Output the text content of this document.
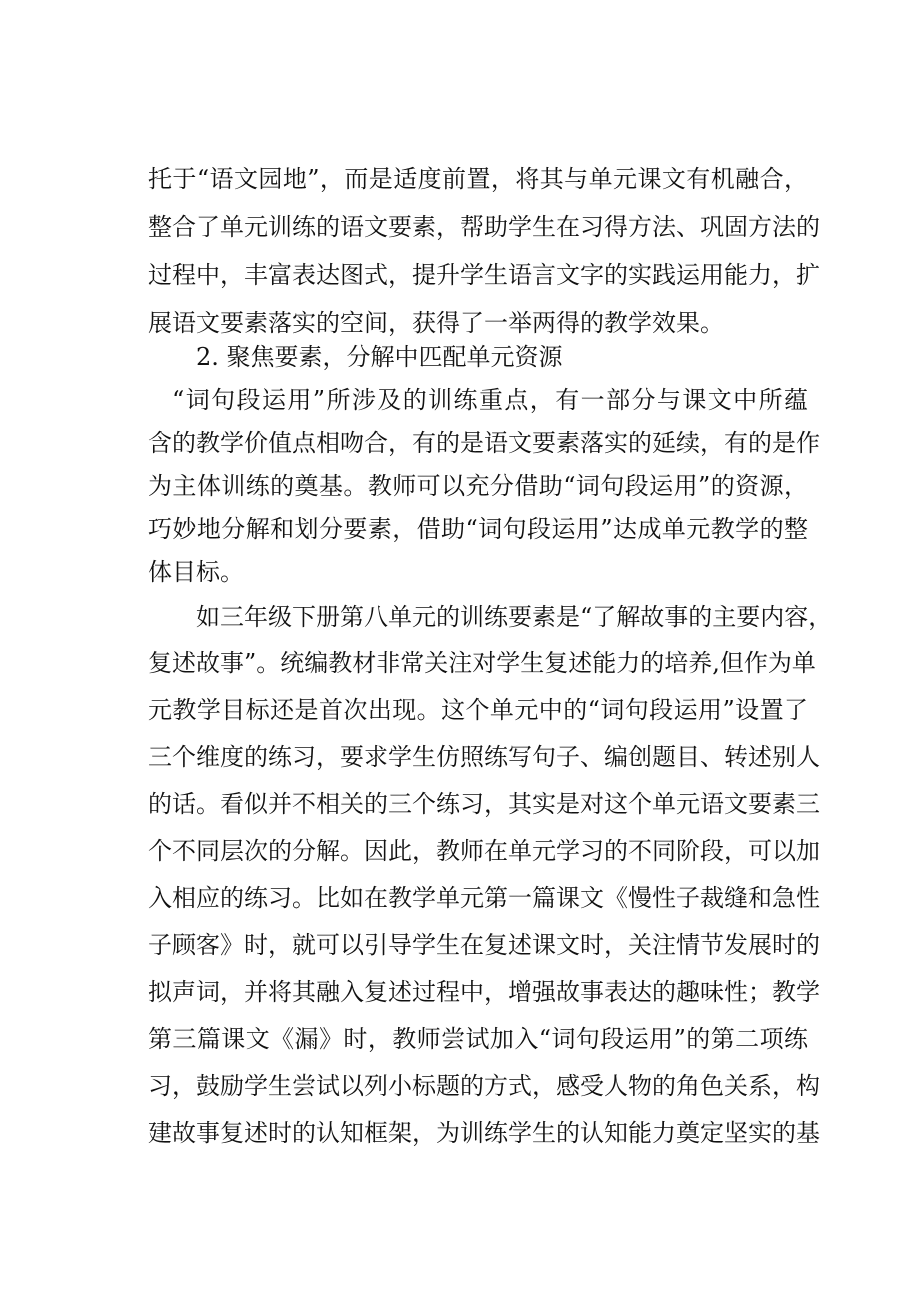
托于“语文园地”，而是适度前置，将其与单元课文有机融合，
整合了单元训练的语文要素，帮助学生在习得方法、巩固方法的
过程中，丰富表达图式，提升学生语言文字的实践运用能力，扩
展语文要素落实的空间，获得了一举两得的教学效果。
2. 聚焦要素，分解中匹配单元资源
“词句段运用”所涉及的训练重点，有一部分与课文中所蕴
含的教学价值点相吻合，有的是语文要素落实的延续，有的是作
为主体训练的奠基。教师可以充分借助“词句段运用”的资源，
巧妙地分解和划分要素，借助“词句段运用”达成单元教学的整
体目标。
如三年级下册第八单元的训练要素是“了解故事的主要内容，
复述故事”。统编教材非常关注对学生复述能力的培养,但作为单
元教学目标还是首次出现。这个单元中的“词句段运用”设置了
三个维度的练习，要求学生仿照练写句子、编创题目、转述别人
的话。看似并不相关的三个练习，其实是对这个单元语文要素三
个不同层次的分解。因此，教师在单元学习的不同阶段，可以加
入相应的练习。比如在教学单元第一篇课文《慢性子裁缝和急性
子顾客》时，就可以引导学生在复述课文时，关注情节发展时的
拟声词，并将其融入复述过程中，增强故事表达的趣味性；教学
第三篇课文《漏》时，教师尝试加入“词句段运用”的第二项练
习，鼓励学生尝试以列小标题的方式，感受人物的角色关系，构
建故事复述时的认知框架，为训练学生的认知能力奠定坚实的基
